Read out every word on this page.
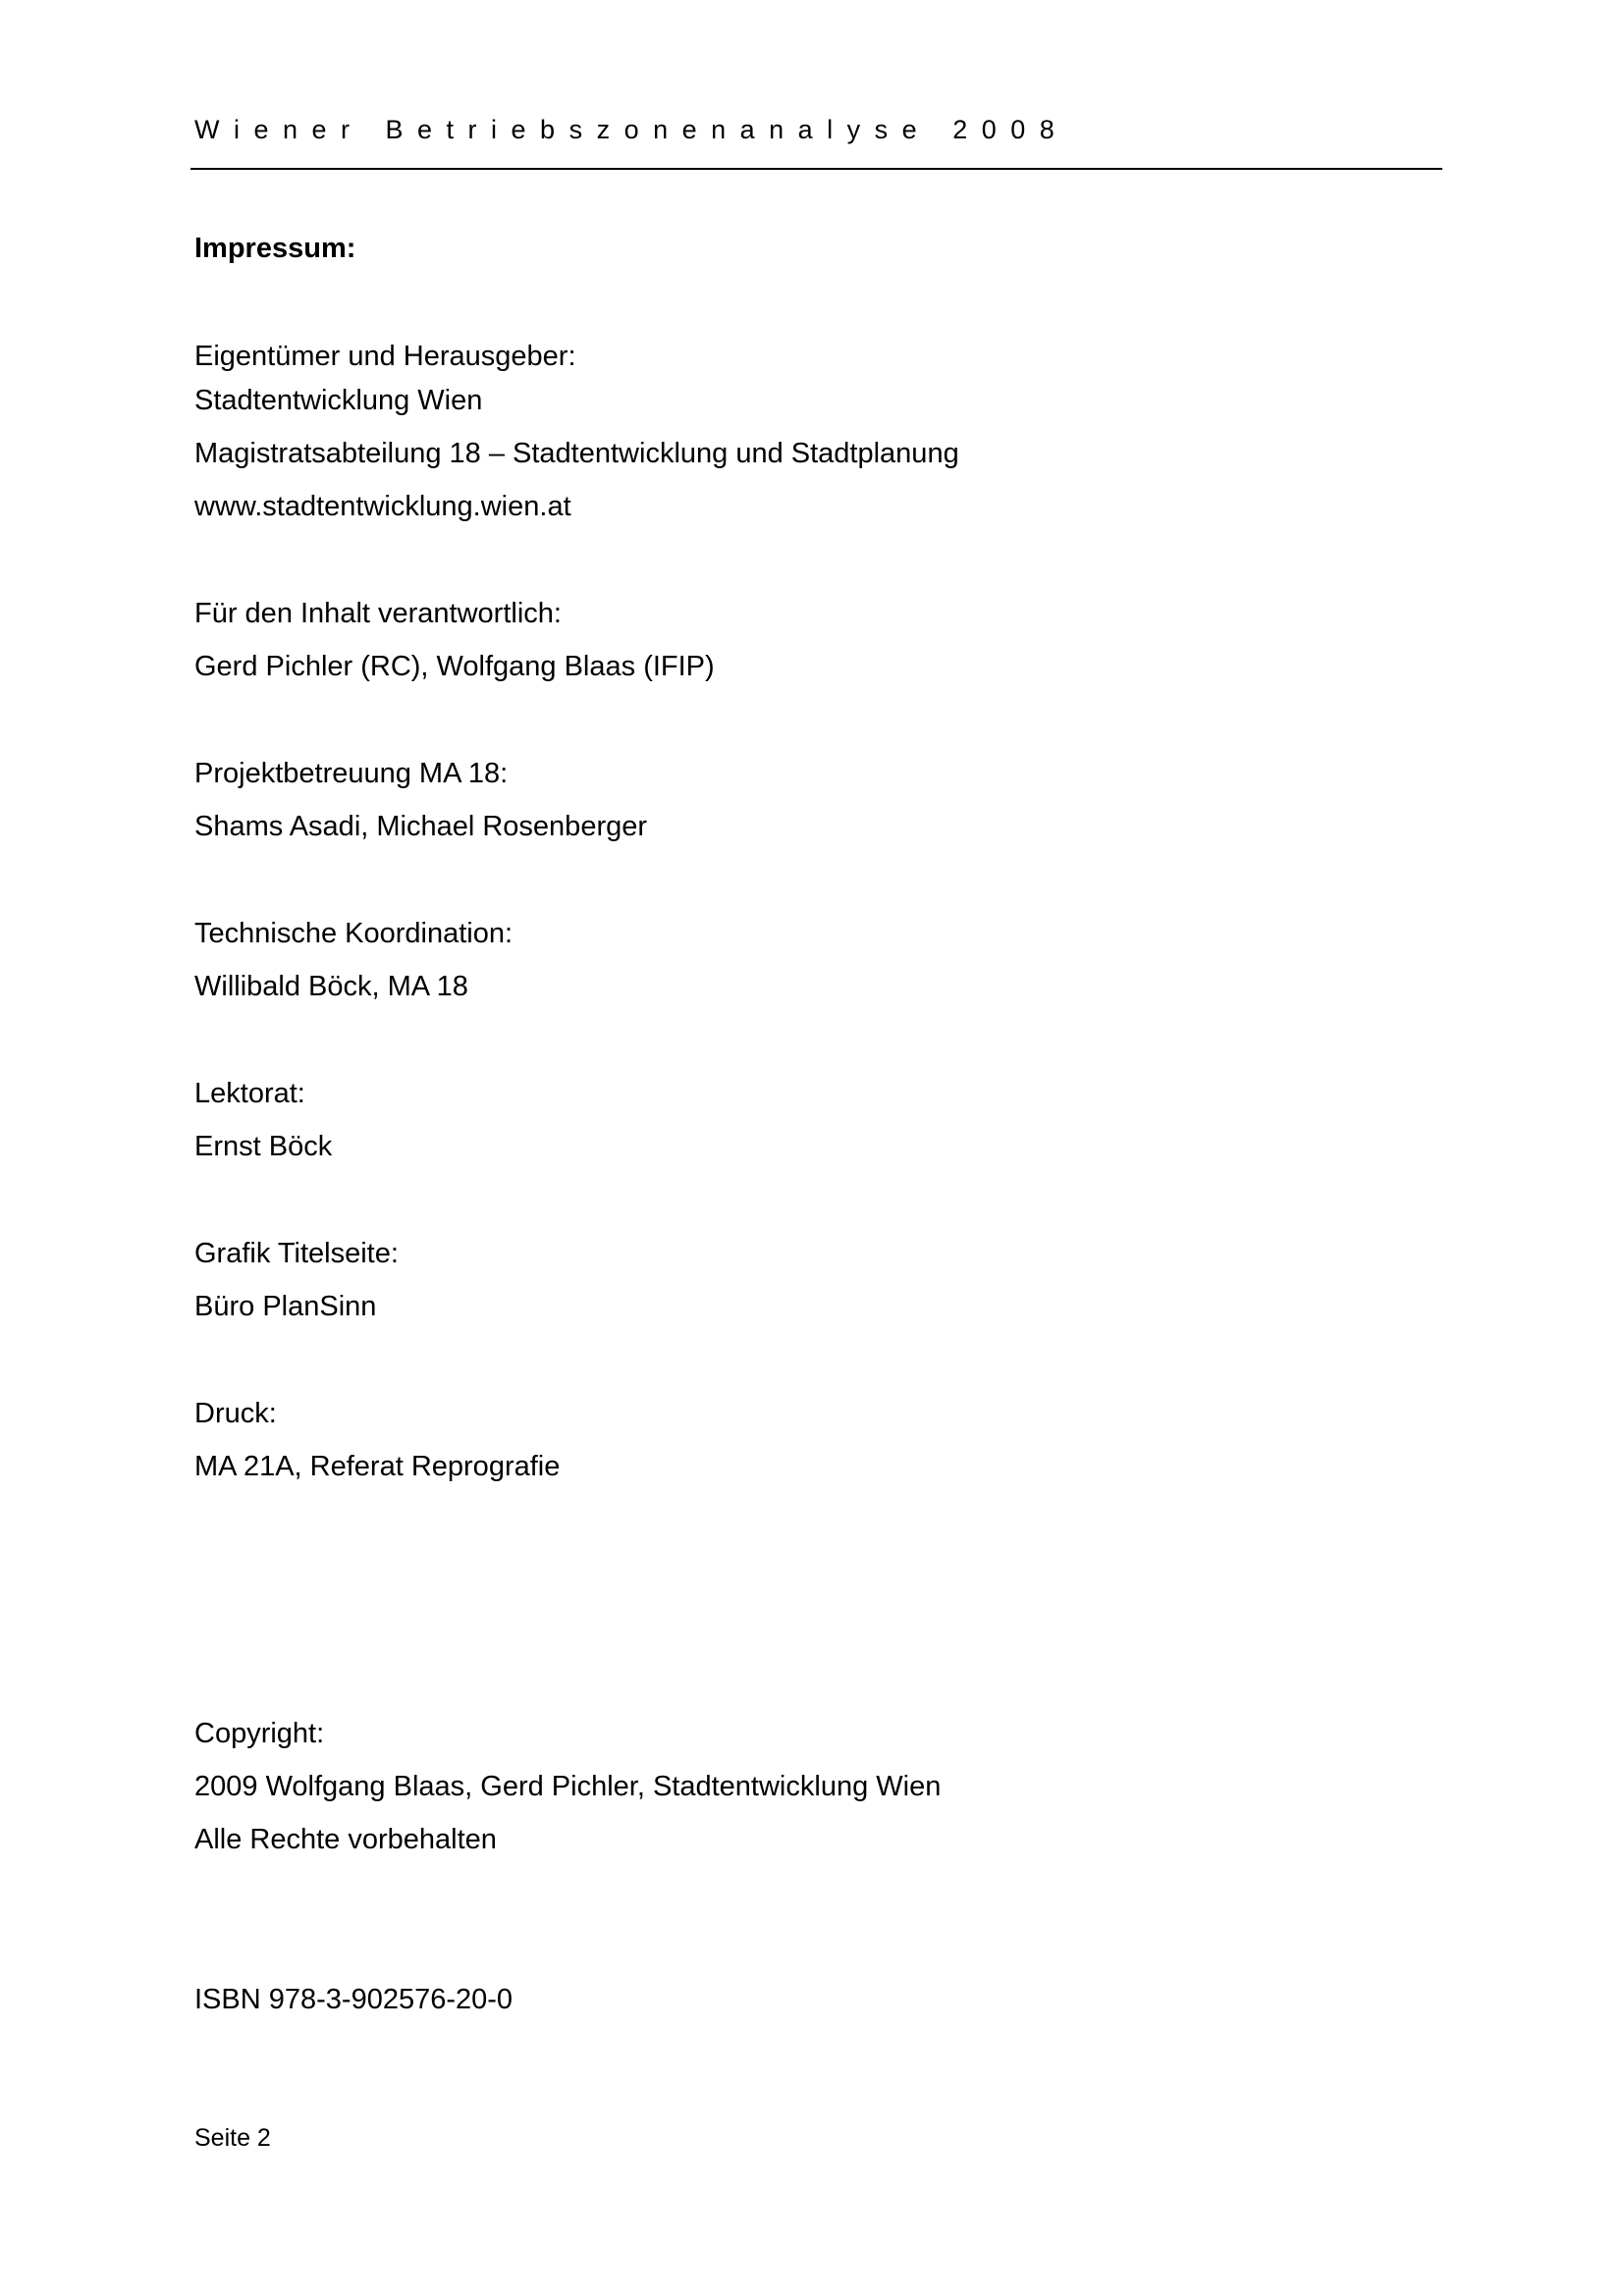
Wiener Betriebszonenanalyse 2008
Impressum:
Eigentümer und Herausgeber:
Stadtentwicklung Wien
Magistratsabteilung 18 – Stadtentwicklung und Stadtplanung
www.stadtentwicklung.wien.at
Für den Inhalt verantwortlich:
Gerd Pichler (RC), Wolfgang Blaas (IFIP)
Projektbetreuung MA 18:
Shams Asadi, Michael Rosenberger
Technische Koordination:
Willibald Böck, MA 18
Lektorat:
Ernst Böck
Grafik Titelseite:
Büro PlanSinn
Druck:
MA 21A, Referat Reprografie
Copyright:
2009 Wolfgang Blaas, Gerd Pichler, Stadtentwicklung Wien
Alle Rechte vorbehalten
ISBN 978-3-902576-20-0
Seite 2
